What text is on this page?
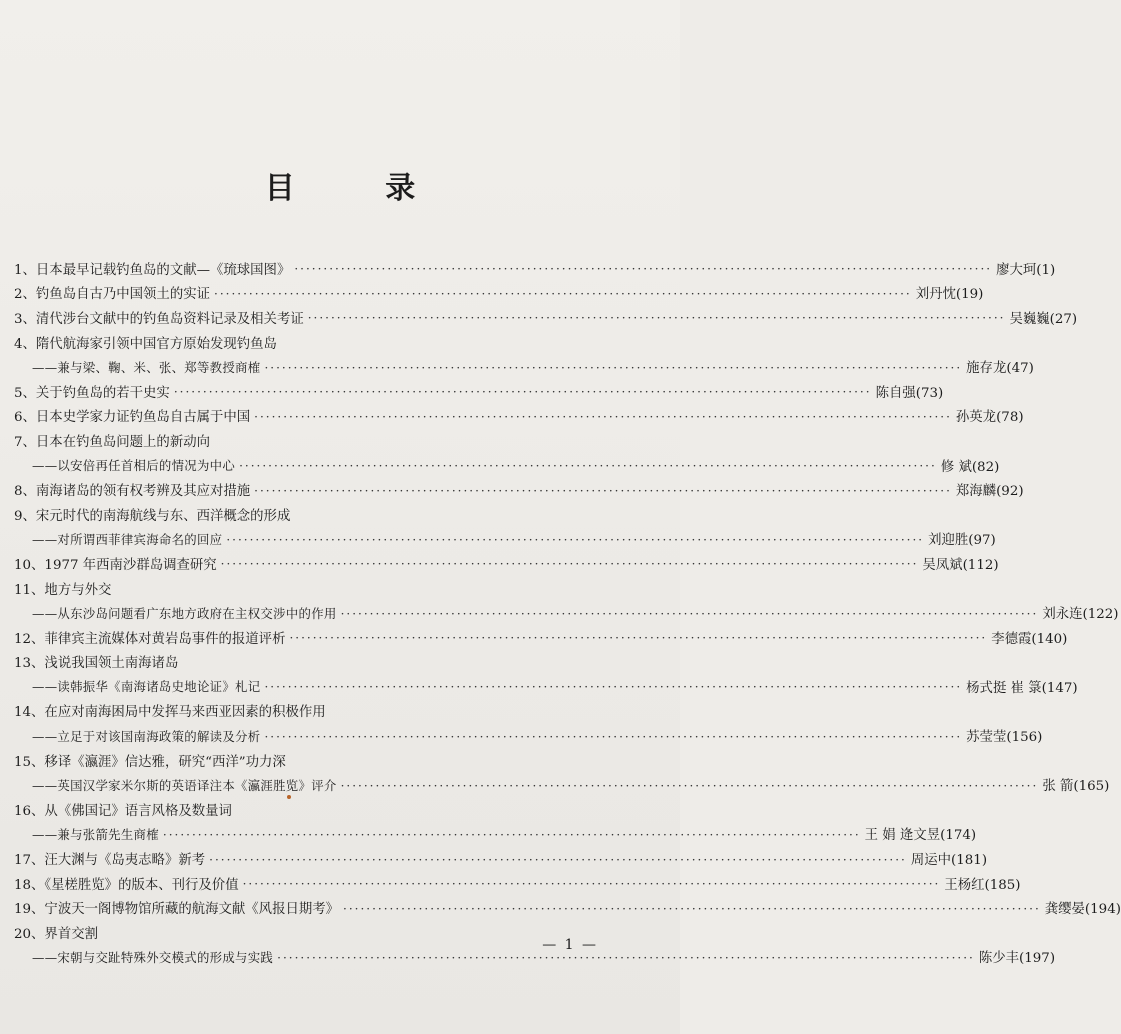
目 录
1、日本最早记载钓鱼岛的文献—《琉球国图》 ························································································································ 廖大珂(1)
2、钓鱼岛自古乃中国领土的实证 ························································································································ 刘丹忱(19)
3、清代涉台文献中的钓鱼岛资料记录及相关考证 ························································································································ 吴巍巍(27)
4、隋代航海家引领中国官方原始发现钓鱼岛
——兼与梁、鞠、米、张、郑等教授商榷 ························································································································ 施存龙(47)
5、关于钓鱼岛的若干史实 ························································································································ 陈自强(73)
6、日本史学家力证钓鱼岛自古属于中国 ························································································································ 孙英龙(78)
7、日本在钓鱼岛问题上的新动向
——以安倍再任首相后的情况为中心 ························································································································ 修 斌(82)
8、南海诸岛的领有权考辨及其应对措施 ························································································································ 郑海麟(92)
9、宋元时代的南海航线与东、西洋概念的形成
——对所谓西菲律宾海命名的回应 ························································································································ 刘迎胜(97)
10、1977 年西南沙群岛调查研究 ························································································································ 吴凤斌(112)
11、地方与外交
——从东沙岛问题看广东地方政府在主权交涉中的作用 ························································································································ 刘永连(122)
12、菲律宾主流媒体对黄岩岛事件的报道评析 ························································································································ 李德霞(140)
13、浅说我国领土南海诸岛
——读韩振华《南海诸岛史地论证》札记 ························································································································ 杨式挺 崔 箓(147)
14、在应对南海困局中发挥马来西亚因素的积极作用
——立足于对该国南海政策的解读及分析 ························································································································ 苏莹莹(156)
15、移译《瀛涯》信达雅，研究“西洋”功力深
——英国汉学家米尔斯的英语译注本《瀛涯胜览》评介 ························································································································ 张 箭(165)
16、从《佛国记》语言风格及数量词
——兼与张箭先生商榷 ························································································································ 王 娟 逄文昱(174)
17、汪大渊与《岛夷志略》新考 ························································································································ 周运中(181)
18、《星槎胜览》的版本、刊行及价值 ························································································································ 王杨红(185)
19、宁波天一阁博物馆所藏的航海文献《风报日期考》 ························································································································ 龚缨晏(194)
20、界首交割
——宋朝与交趾特殊外交模式的形成与实践 ························································································································ 陈少丰(197)
— 1 —
